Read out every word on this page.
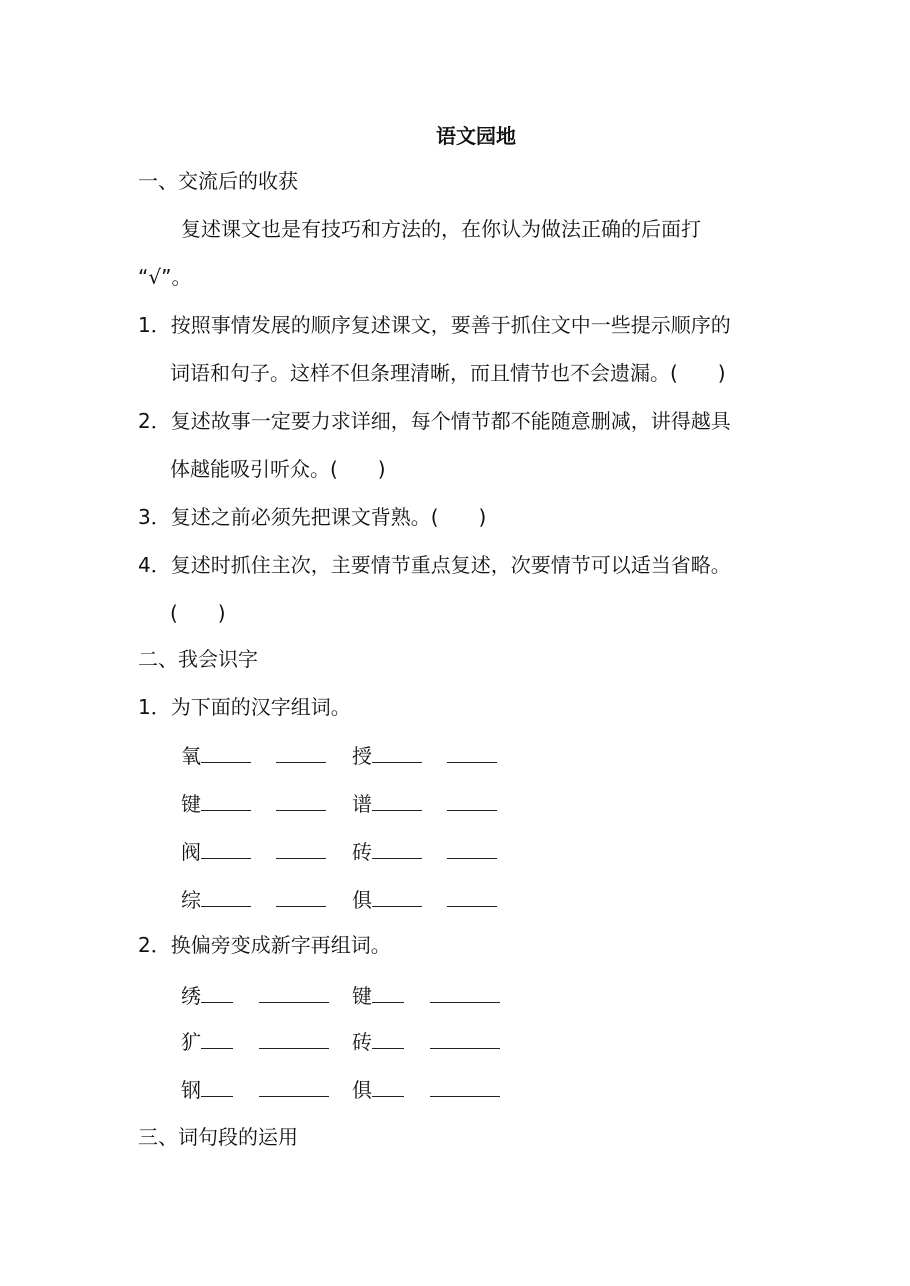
语文园地
一、交流后的收获
复述课文也是有技巧和方法的，在你认为做法正确的后面打
“√”。
1．按照事情发展的顺序复述课文，要善于抓住文中一些提示顺序的
词语和句子。这样不但条理清晰，而且情节也不会遗漏。(　　)
2．复述故事一定要力求详细，每个情节都不能随意删减，讲得越具
体越能吸引听众。(　　)
3．复述之前必须先把课文背熟。(　　)
4．复述时抓住主次，主要情节重点复述，次要情节可以适当省略。
(　　)
二、我会识字
1．为下面的汉字组词。
氧	授
键	谱
阀	砖
综	俱
2．换偏旁变成新字再组词。
绣	键
犷	砖
钢	俱
三、词句段的运用
